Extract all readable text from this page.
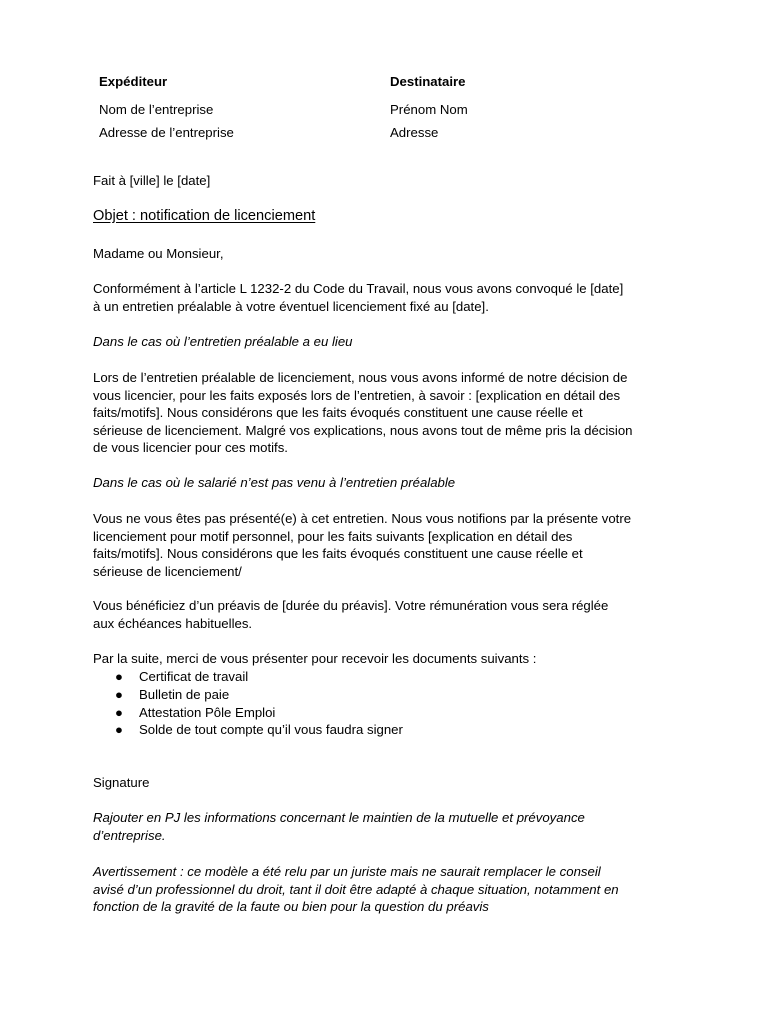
Expéditeur
Nom de l’entreprise
Adresse de l’entreprise
Destinataire
Prénom Nom
Adresse

Fait à [ville] le [date]

Objet : notification de licenciement

Madame ou Monsieur,

Conformément à l’article L 1232-2 du Code du Travail, nous vous avons convoqué le [date]
à un entretien préalable à votre éventuel licenciement fixé au [date].

Dans le cas où l’entretien préalable a eu lieu

Lors de l’entretien préalable de licenciement, nous vous avons informé de notre décision de
vous licencier, pour les faits exposés lors de l’entretien, à savoir : [explication en détail des
faits/motifs]. Nous considérons que les faits évoqués constituent une cause réelle et
sérieuse de licenciement. Malgré vos explications, nous avons tout de même pris la décision
de vous licencier pour ces motifs.

Dans le cas où le salarié n’est pas venu à l’entretien préalable

Vous ne vous êtes pas présenté(e) à cet entretien. Nous vous notifions par la présente votre
licenciement pour motif personnel, pour les faits suivants [explication en détail des
faits/motifs]. Nous considérons que les faits évoqués constituent une cause réelle et
sérieuse de licenciement/
Vous bénéficiez d’un préavis de [durée du préavis]. Votre rémunération vous sera réglée
aux échéances habituelles.

Par la suite, merci de vous présenter pour recevoir les documents suivants :

● Certificat de travail
● Bulletin de paie
● Attestation Pôle Emploi
● Solde de tout compte qu’il vous faudra signer

Signature

Rajouter en PJ les informations concernant le maintien de la mutuelle et prévoyance
d’entreprise.
Avertissement : ce modèle a été relu par un juriste mais ne saurait remplacer le conseil
avisé d’un professionnel du droit, tant il doit être adapté à chaque situation, notamment en
fonction de la gravité de la faute ou bien pour la question du préavis
